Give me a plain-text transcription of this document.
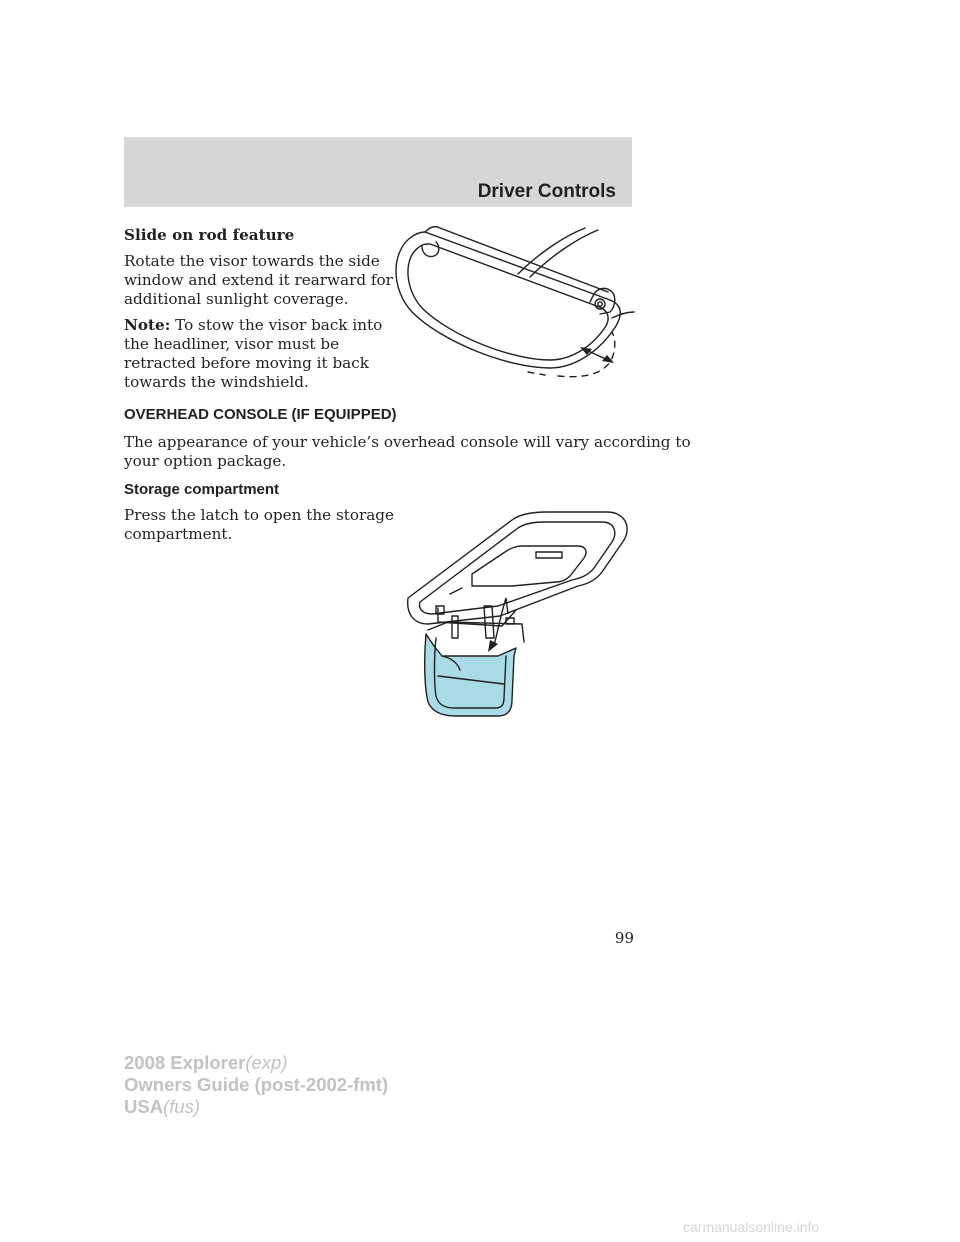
Driver Controls
Slide on rod feature
Rotate the visor towards the side
window and extend it rearward for
additional sunlight coverage.
Note: To stow the visor back into
the headliner, visor must be
retracted before moving it back
towards the windshield.
OVERHEAD CONSOLE (IF EQUIPPED)
The appearance of your vehicle’s overhead console will vary according to
your option package.
Storage compartment
Press the latch to open the storage
compartment.
99
2008 Explorer(exp)
Owners Guide (post-2002-fmt)
USA(fus)
carmanualsonline.info
